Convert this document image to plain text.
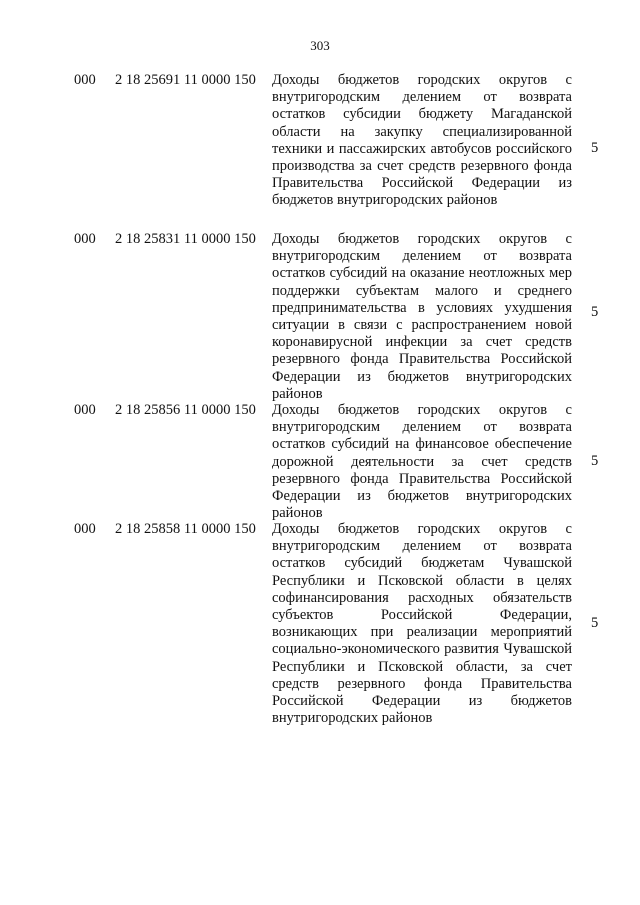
303
000 2 18 25691 11 0000 150 Доходы бюджетов городских округов с внутригородским делением от возврата остатков субсидии бюджету Магаданской области на закупку специализированной техники и пассажирских автобусов российского производства за счет средств резервного фонда Правительства Российской Федерации из бюджетов внутригородских районов
5
000 2 18 25831 11 0000 150 Доходы бюджетов городских округов с внутригородским делением от возврата остатков субсидий на оказание неотложных мер поддержки субъектам малого и среднего предпринимательства в условиях ухудшения ситуации в связи с распространением новой коронавирусной инфекции за счет средств резервного фонда Правительства Российской Федерации из бюджетов внутригородских районов
5
000 2 18 25856 11 0000 150 Доходы бюджетов городских округов с внутригородским делением от возврата остатков субсидий на финансовое обеспечение дорожной деятельности за счет средств резервного фонда Правительства Российской Федерации из бюджетов внутригородских районов
5
000 2 18 25858 11 0000 150 Доходы бюджетов городских округов с внутригородским делением от возврата остатков субсидий бюджетам Чувашской Республики и Псковской области в целях софинансирования расходных обязательств субъектов Российской Федерации, возникающих при реализации мероприятий социально-экономического развития Чувашской Республики и Псковской области, за счет средств резервного фонда Правительства Российской Федерации из бюджетов внутригородских районов
5
